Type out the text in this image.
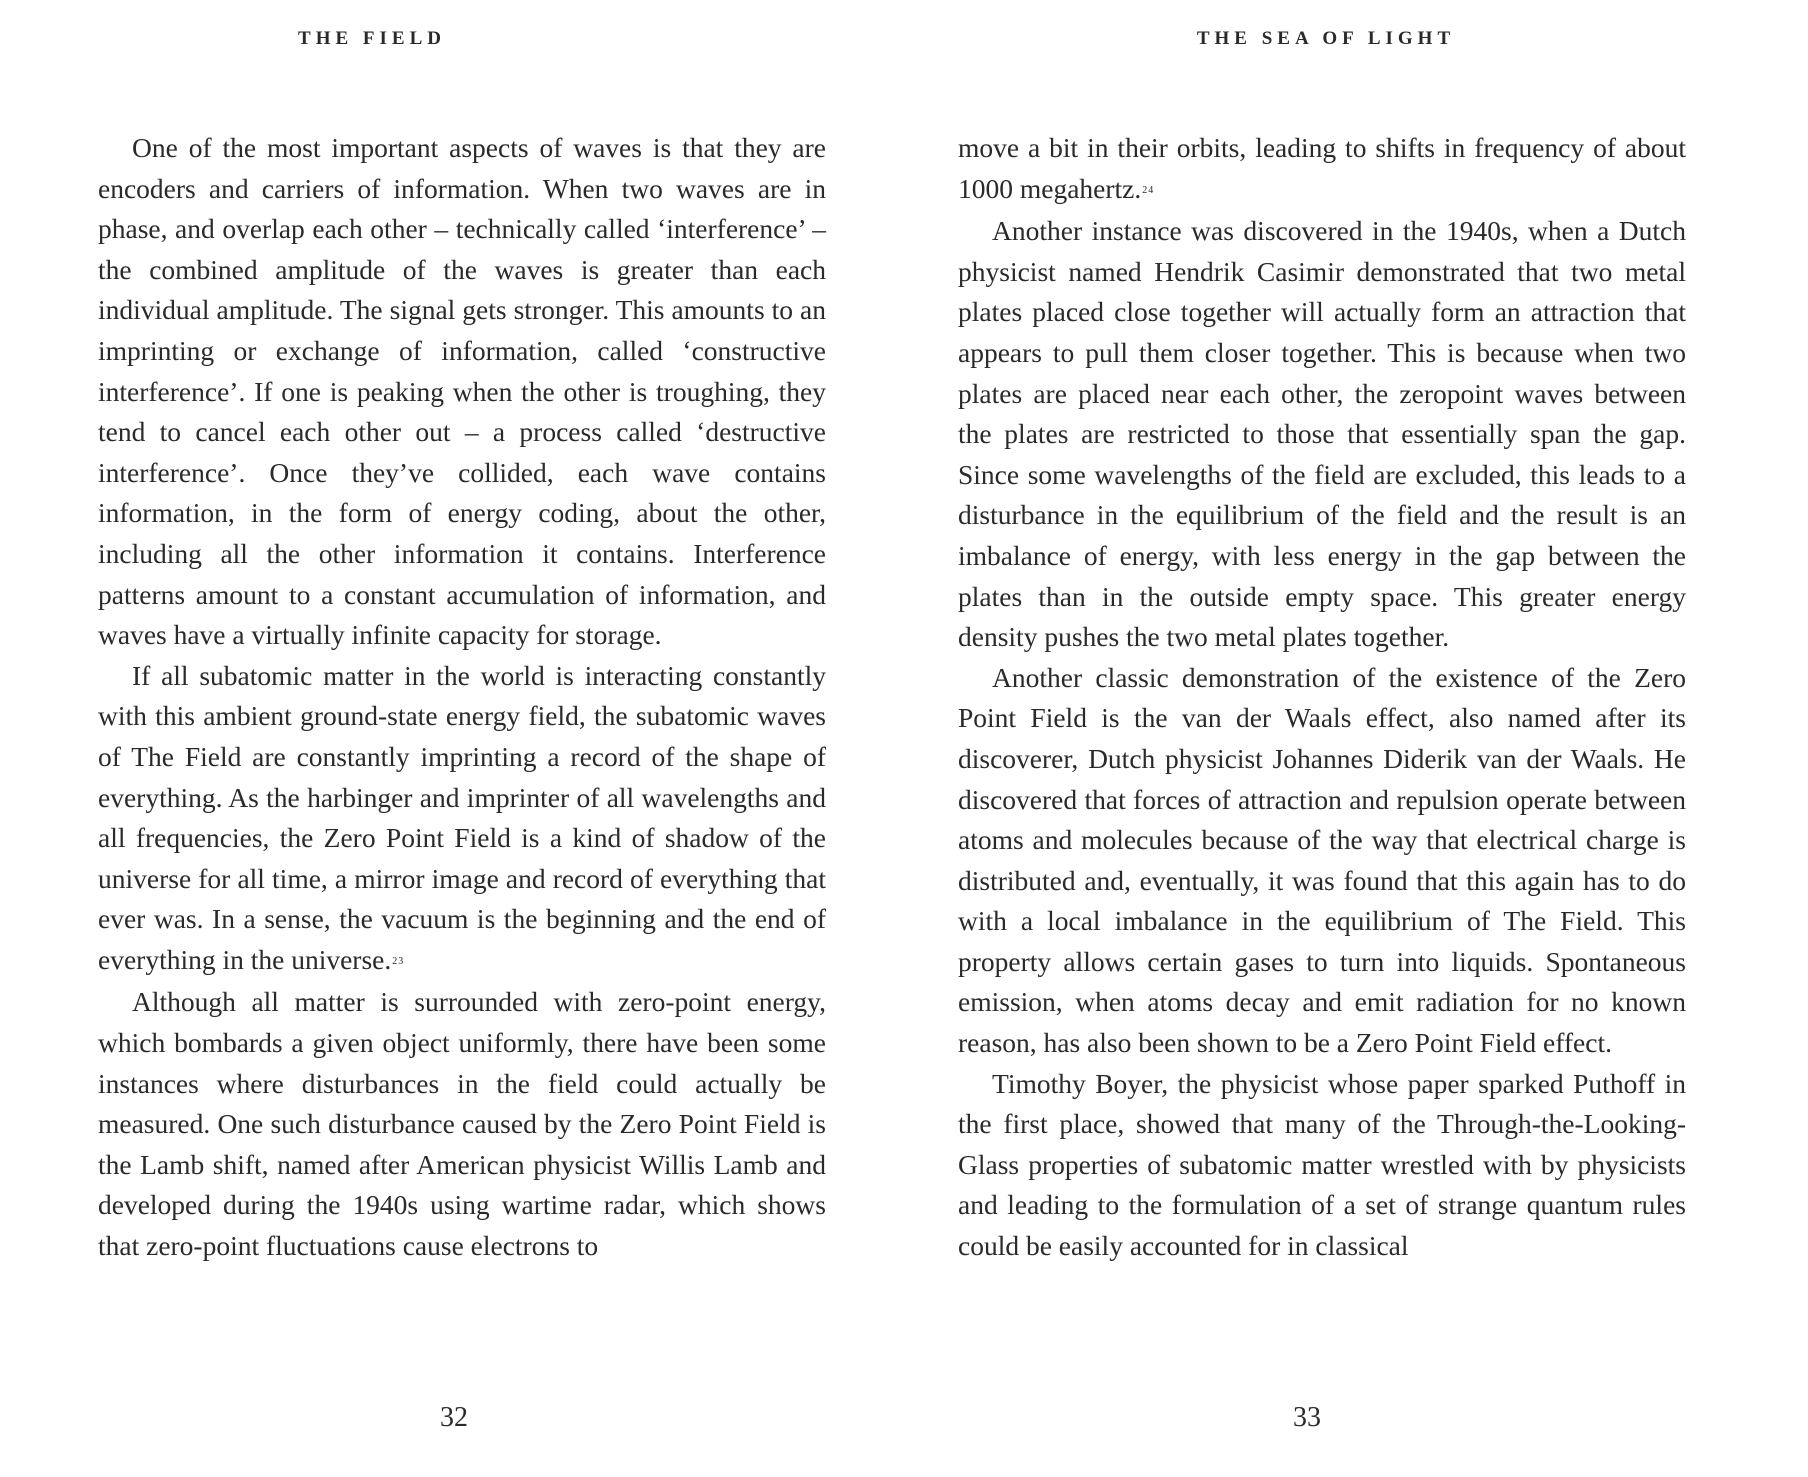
THE FIELD

One of the most important aspects of waves is that they are encoders and carriers of information. When two waves are in phase, and overlap each other – technically called ‘interference’ – the combined amplitude of the waves is greater than each individual amplitude. The signal gets stronger. This amounts to an imprinting or exchange of information, called ‘constructive interference’. If one is peaking when the other is troughing, they tend to cancel each other out – a process called ‘destructive interference’. Once they’ve collided, each wave contains information, in the form of energy coding, about the other, including all the other information it contains. Interference patterns amount to a constant accumulation of information, and waves have a virtually infinite capacity for storage.

If all subatomic matter in the world is interacting constantly with this ambient ground-state energy field, the subatomic waves of The Field are constantly imprinting a record of the shape of everything. As the harbinger and imprinter of all wavelengths and all frequencies, the Zero Point Field is a kind of shadow of the universe for all time, a mirror image and record of everything that ever was. In a sense, the vacuum is the beginning and the end of everything in the universe.23

Although all matter is surrounded with zero-point energy, which bombards a given object uniformly, there have been some instances where disturbances in the field could actually be measured. One such disturbance caused by the Zero Point Field is the Lamb shift, named after American physicist Willis Lamb and developed during the 1940s using wartime radar, which shows that zero-point fluctuations cause electrons to

32
THE SEA OF LIGHT

move a bit in their orbits, leading to shifts in frequency of about 1000 megahertz.24

Another instance was discovered in the 1940s, when a Dutch physicist named Hendrik Casimir demonstrated that two metal plates placed close together will actually form an attraction that appears to pull them closer together. This is because when two plates are placed near each other, the zeropoint waves between the plates are restricted to those that essentially span the gap. Since some wavelengths of the field are excluded, this leads to a disturbance in the equilibrium of the field and the result is an imbalance of energy, with less energy in the gap between the plates than in the outside empty space. This greater energy density pushes the two metal plates together.

Another classic demonstration of the existence of the Zero Point Field is the van der Waals effect, also named after its discoverer, Dutch physicist Johannes Diderik van der Waals. He discovered that forces of attraction and repulsion operate between atoms and molecules because of the way that electrical charge is distributed and, eventually, it was found that this again has to do with a local imbalance in the equilibrium of The Field. This property allows certain gases to turn into liquids. Spontaneous emission, when atoms decay and emit radiation for no known reason, has also been shown to be a Zero Point Field effect.

Timothy Boyer, the physicist whose paper sparked Puthoff in the first place, showed that many of the Through-the-Looking-Glass properties of subatomic matter wrestled with by physicists and leading to the formulation of a set of strange quantum rules could be easily accounted for in classical

33
